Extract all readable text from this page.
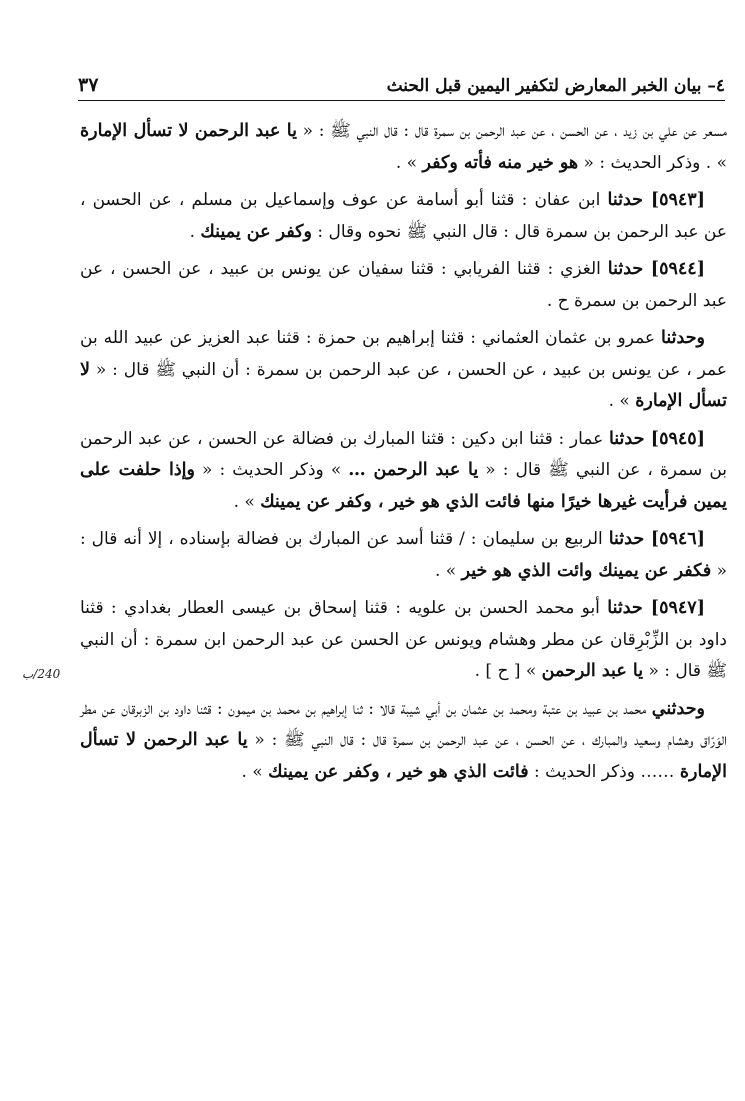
٤– بيان الخبر المعارض لتكفير اليمين قبل الحنث
٣٧
240/ب

مسعر عن علي بن زيد ، عن الحسن ، عن عبد الرحمن بن سمرة قال : قال النبي ﷺ : « يا عبد الرحمن لا تسأل الإمارة » . وذكر الحديث : « هو خير منه فأته وكفر » .

[٥٩٤٣] حدثنا ابن عفان : قثنا أبو أسامة عن عوف وإسماعيل بن مسلم ، عن الحسن ، عن عبد الرحمن بن سمرة قال : قال النبي ﷺ نحوه وقال : وكفر عن يمينك .

[٥٩٤٤] حدثنا الغزي : قثنا الفريابي : قثنا سفيان عن يونس بن عبيد ، عن الحسن ، عن عبد الرحمن بن سمرة ح .

وحدثنا عمرو بن عثمان العثماني : قثنا إبراهيم بن حمزة : قثنا عبد العزيز عن عبيد الله بن عمر ، عن يونس بن عبيد ، عن الحسن ، عن عبد الرحمن بن سمرة : أن النبي ﷺ قال : « لا تسأل الإمارة » .

[٥٩٤٥] حدثنا عمار : قثنا ابن دكين : قثنا المبارك بن فضالة عن الحسن ، عن عبد الرحمن بن سمرة ، عن النبي ﷺ قال : « يا عبد الرحمن … » وذكر الحديث : « وإذا حلفت على يمين فرأيت غيرها خيرًا منها فائت الذي هو خير ، وكفر عن يمينك » .

[٥٩٤٦] حدثنا الربيع بن سليمان : / قثنا أسد عن المبارك بن فضالة بإسناده ، إلا أنه قال : « فكفر عن يمينك وائت الذي هو خير » .

[٥٩٤٧] حدثنا أبو محمد الحسن بن علويه : قثنا إسحاق بن عيسى العطار بغدادي : قثنا داود بن الزِّبْرِقان عن مطر وهشام ويونس عن الحسن عن عبد الرحمن ابن سمرة : أن النبي ﷺ قال : « يا عبد الرحمن » [ ح ] .

وحدثني محمد بن عبيد بن عتبة ومحمد بن عثمان بن أبي شيبة قالا : ثنا إبراهيم بن محمد بن ميمون : قثنا داود بن الزبرقان عن مطر الوَرّاق وهشام وسعيد والمبارك ، عن الحسن ، عن عبد الرحمن بن سمرة قال : قال النبي ﷺ : « يا عبد الرحمن لا تسأل الإمارة …… وذكر الحديث : فائت الذي هو خير ، وكفر عن يمينك » .
